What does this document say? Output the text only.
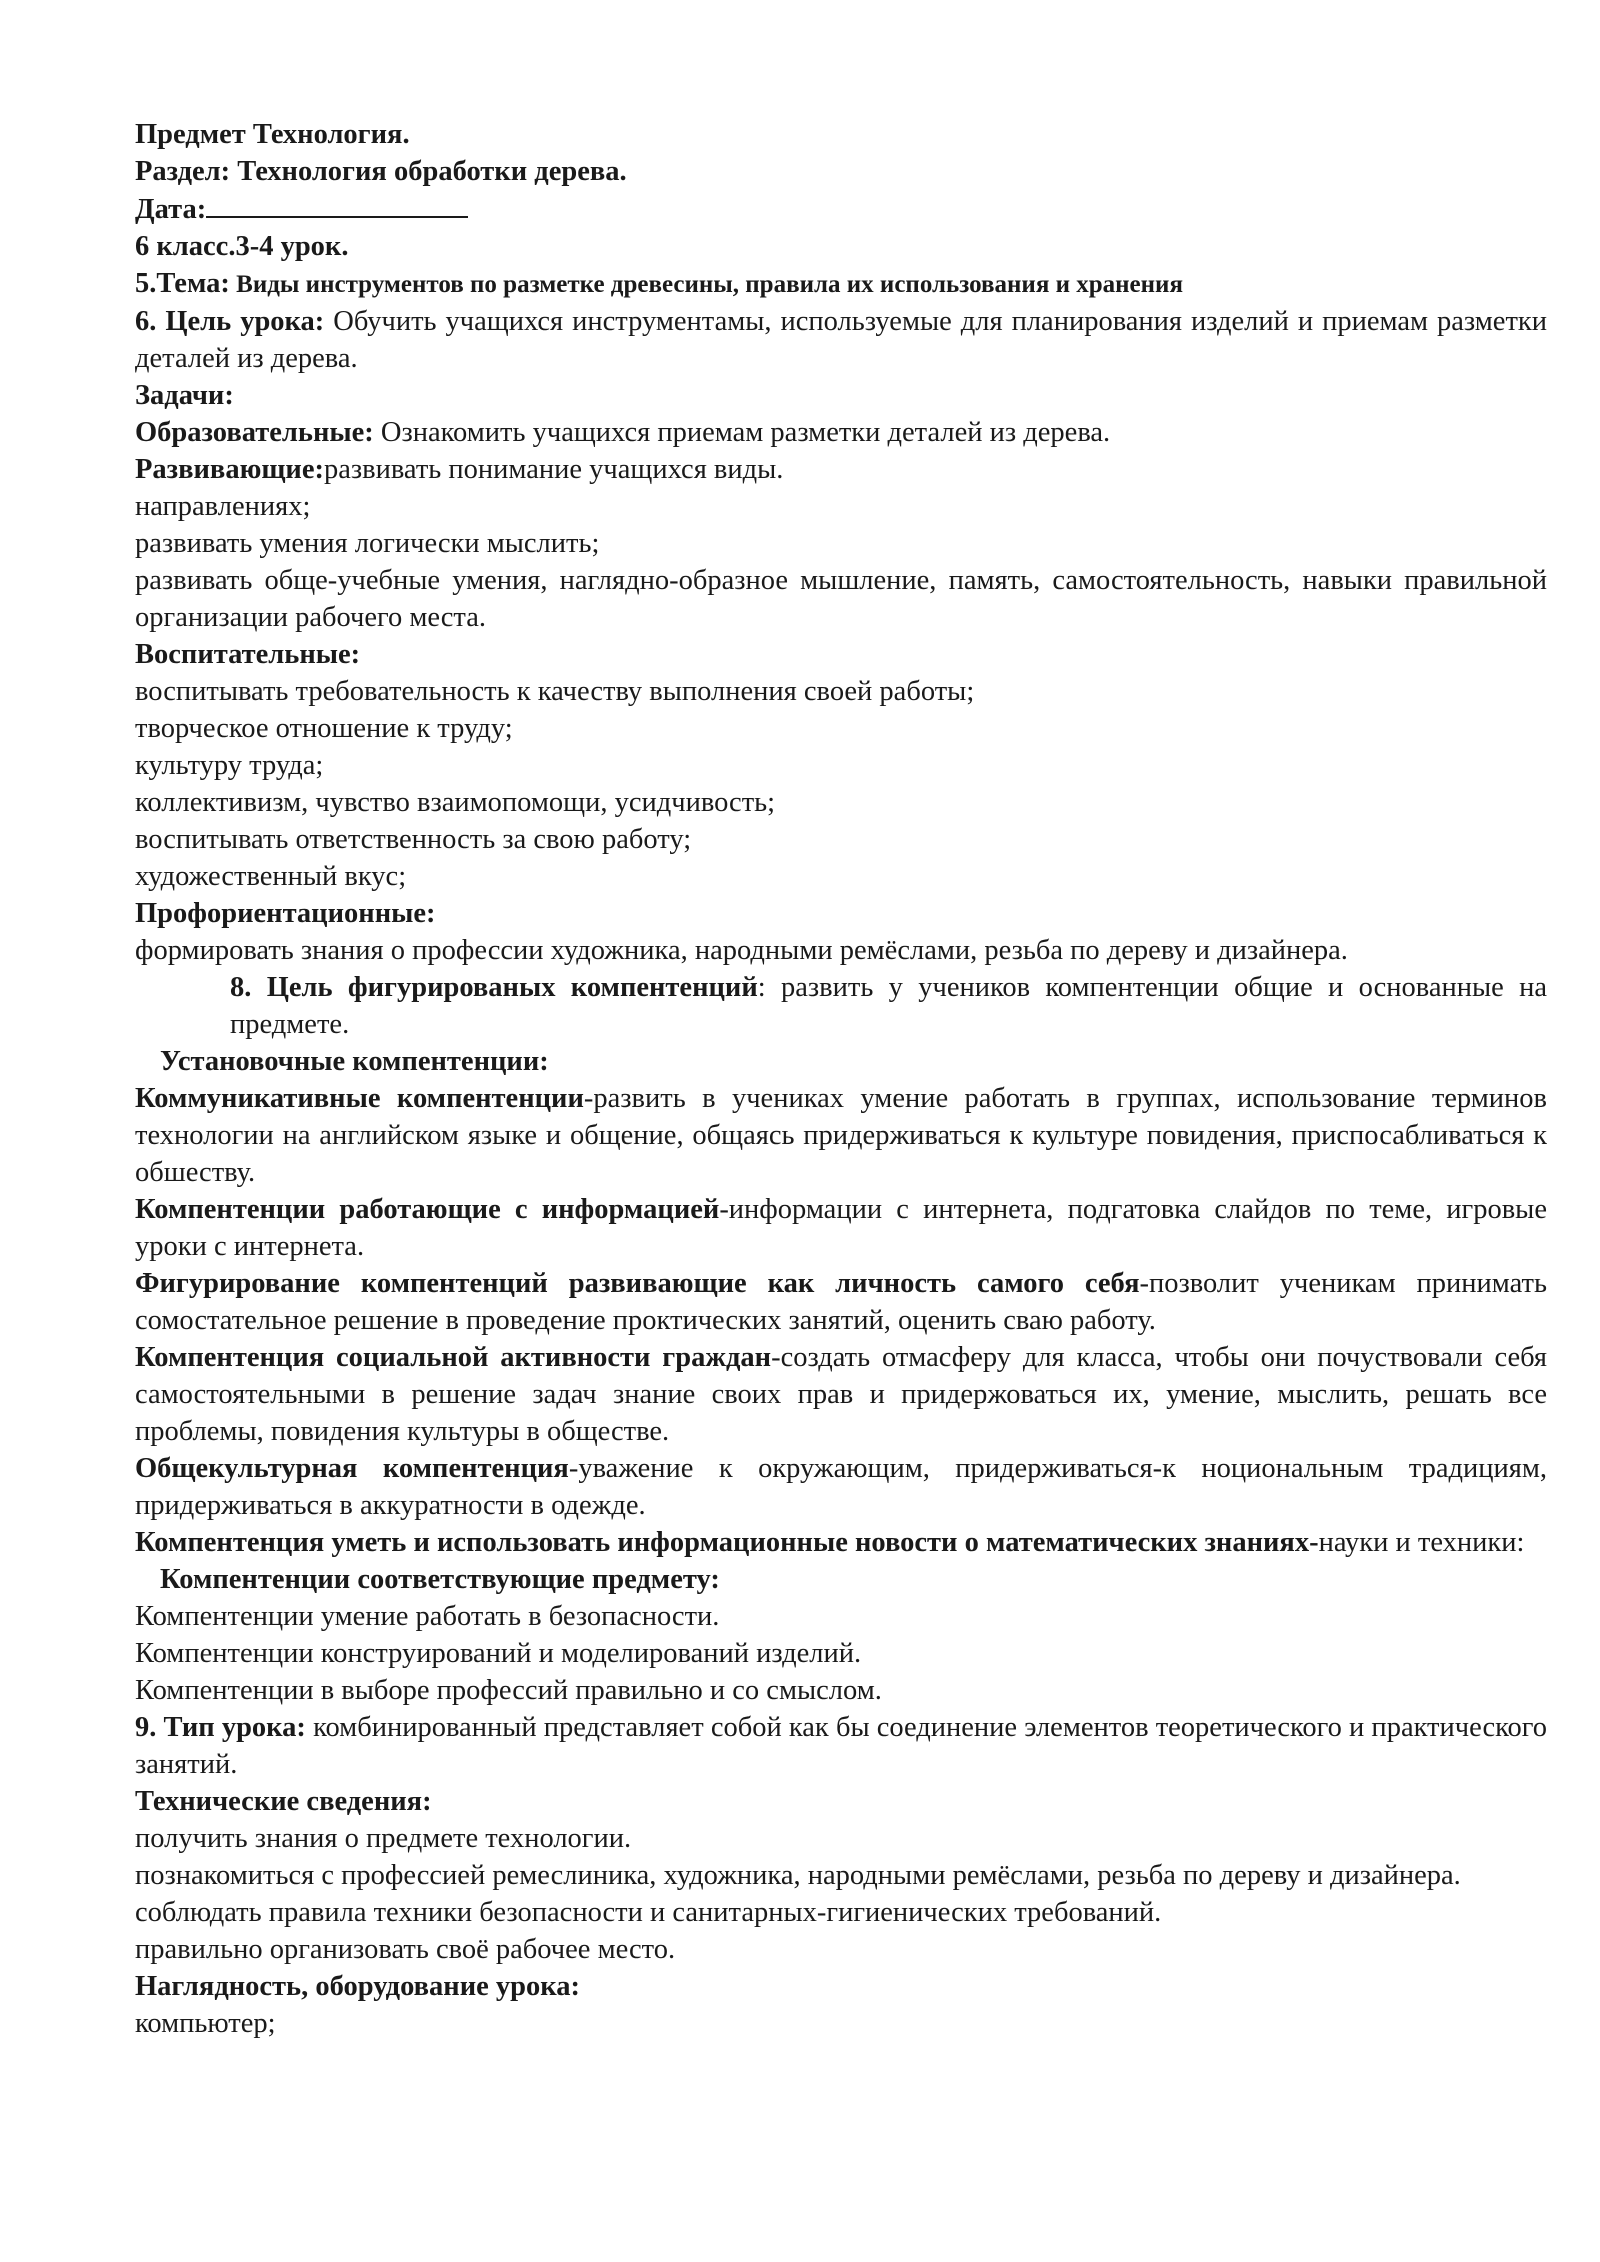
Предмет Технология.
Раздел: Технология обработки дерева.
Дата:
6 класс.3-4 урок.
5.Тема: Виды инструментов по разметке древесины, правила их использования и хранения
6. Цель урока: Обучить учащихся инструментамы, используемые для планирования изделий и приемам разметки деталей из дерева.
Задачи:
Образовательные: Ознакомить учащихся приемам разметки деталей из дерева.
Развивающие:развивать понимание учащихся виды.
направлениях;
развивать умения логически мыслить;
развивать обще-учебные умения, наглядно-образное мышление, память, самостоятельность, навыки правильной организации рабочего места.
Воспитательные:
воспитывать требовательность к качеству выполнения своей работы;
творческое отношение к труду;
культуру труда;
коллективизм, чувство взаимопомощи, усидчивость;
воспитывать ответственность за свою работу;
художественный вкус;
Профориентационные:
формировать знания о профессии художника, народными ремёслами, резьба по дереву и дизайнера.
8. Цель фигурированых компентенций: развить у учеников компентенции общие и основанные на предмете.
Установочные компентенции:
Коммуникативные компентенции-развить в учениках умение работать в группах, использование терминов технологии на английском языке и общение, общаясь придерживаться к культуре повидения, приспосабливаться к обшеству.
Компентенции работающие с информацией-информации с интернета, подгатовка слайдов по теме, игровые уроки с интернета.
Фигурирование компентенций развивающие как личность самого себя-позволит ученикам принимать сомостательное решение в проведение проктических занятий, оценить сваю работу.
Компентенция социальной активности граждан-создать отмасферу для класса, чтобы они почуствовали себя самостоятельными в решение задач знание своих прав и придержоваться их, умение, мыслить, решать все проблемы, повидения культуры в обществе.
Общекультурная компентенция-уважение к окружающим, придерживаться-к ноциональным традициям, придерживаться в аккуратности в одежде.
Компентенция уметь и использовать информационные новости о математических знаниях-науки и техники:
Компентенции соответствующие предмету:
Компентенции умение работать в безопасности.
Компентенции конструирований и моделирований изделий.
Компентенции в выборе профессий правильно и со смыслом.
9. Тип урока: комбинированный представляет собой как бы соединение элементов теоретического и практического занятий.
Технические сведения:
получить знания о предмете технологии.
познакомиться с профессией ремеслиника, художника, народными ремёслами, резьба по дереву и дизайнера.
соблюдать правила техники безопасности и санитарных-гигиенических требований.
правильно организовать своё рабочее место.
Наглядность, оборудование урока:
компьютер;
